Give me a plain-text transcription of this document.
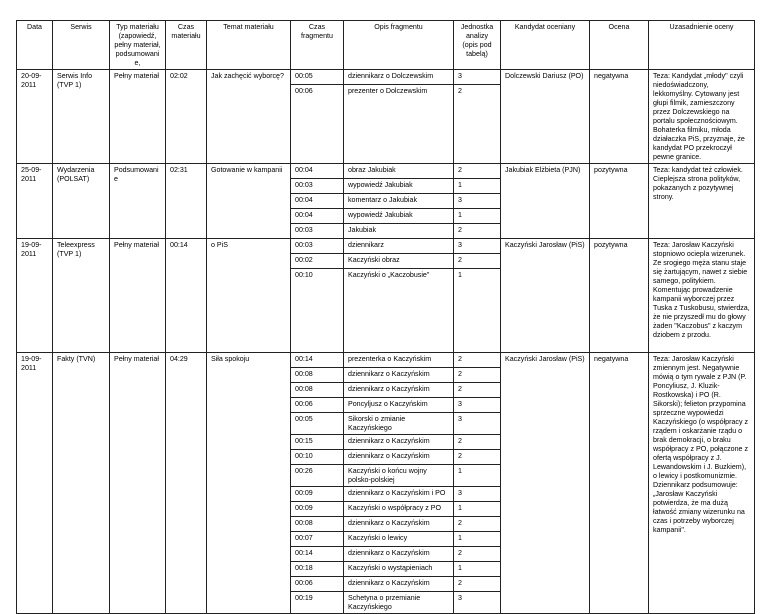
Data	Serwis	Typ materiału (zapowiedź, pełny materiał, podsumowanie,	Czas materiału	Temat materiału	Czas fragmentu	Opis fragmentu	Jednostka analizy (opis pod tabelą)	Kandydat oceniany	Ocena	Uzasadnienie oceny
20-09-2011	Serwis Info (TVP 1)	Pełny materiał	02:02	Jak zachęcić wyborcę?	00:05	dziennikarz o Dolczewskim	3	Dolczewski Dariusz (PO)	negatywna	Teza: Kandydat „młody" czyli niedoświadczony, lekkomyślny. Cytowany jest głupi filmik, zamieszczony przez Dolczewskiego na portalu społecznościowym. Bohaterka filmiku, młoda działaczka PiS, przyznaje, że kandydat PO przekroczył pewne granice.
					00:06	prezenter o Dolczewskim	2			
25-09-2011	Wydarzenia (POLSAT)	Podsumowanie	02:31	Gotowanie w kampanii	00:04	obraz Jakubiak	2	Jakubiak Elżbieta (PJN)	pozytywna	Teza: kandydat też człowiek. Cieplejsza strona polityków, pokazanych z pozytywnej strony.
					00:03	wypowiedź Jakubiak	1			
					00:04	komentarz o Jakubiak	3			
					00:04	wypowiedź Jakubiak	1			
					00:03	Jakubiak	2			
19-09-2011	Teleexpress (TVP 1)	Pełny materiał	00:14	o PiS	00:03	dziennikarz	3	Kaczyński Jarosław (PiS)	pozytywna	Teza: Jarosław Kaczyński stopniowo ociepla wizerunek. Ze srogiego męża stanu staje się żartującym, nawet z siebie samego, politykiem. Komentując prowadzenie kampanii wyborczej przez Tuska z Tuskobusu, stwierdza, że nie przyszedł mu do głowy żaden "Kaczobus" z kaczym dziobem z przodu.
					00:02	Kaczyński obraz	2			
					00:10	Kaczyński o „Kaczobusie"	1			
19-09-2011	Fakty (TVN)	Pełny materiał	04:29	Siła spokoju	00:14	prezenterka o Kaczyńskim	2	Kaczyński Jarosław (PiS)	negatywna	Teza: Jarosław Kaczyński zmiennym jest. Negatywnie mówią o tym rywale z PJN (P. Poncyliusz, J. Kluzik-Rostkowska) i PO (R. Sikorski); felieton przypomina sprzeczne wypowiedzi Kaczyńskiego (o współpracy z rządem i oskarżanie rządu o brak demokracji, o braku współpracy z PO, połączone z ofertą współpracy z J. Lewandowskim i J. Buzkiem), o lewicy i postkomunizmie. Dziennikarz podsumowuje: „Jarosław Kaczyński potwierdza, że ma dużą łatwość zmiany wizerunku na czas i potrzeby wyborczej kampanii".
					00:08	dziennikarz o Kaczyńskim	2			
					00:08	dziennikarz o Kaczyńskim	2			
					00:06	Poncyljusz o Kaczyńskim	3			
					00:05	Sikorski o zmianie Kaczyńskiego	3			
					00:15	dziennikarz o Kaczyńskim	2			
					00:10	dziennikarz o Kaczyńskim	2			
					00:26	Kaczyński o końcu wojny polsko-polskiej	1			
					00:09	dziennikarz o Kaczyńskim i PO	3			
					00:09	Kaczyński o współpracy z PO	1			
					00:08	dziennikarz o Kaczyńskim	2			
					00:07	Kaczyński o lewicy	1			
					00:14	dziennikarz o Kaczyńskim	2			
					00:18	Kaczyński o wystąpieniach	1			
					00:06	dziennikarz o Kaczyńskim	2			
					00:19	Schetyna o przemianie Kaczyńskiego	3			
